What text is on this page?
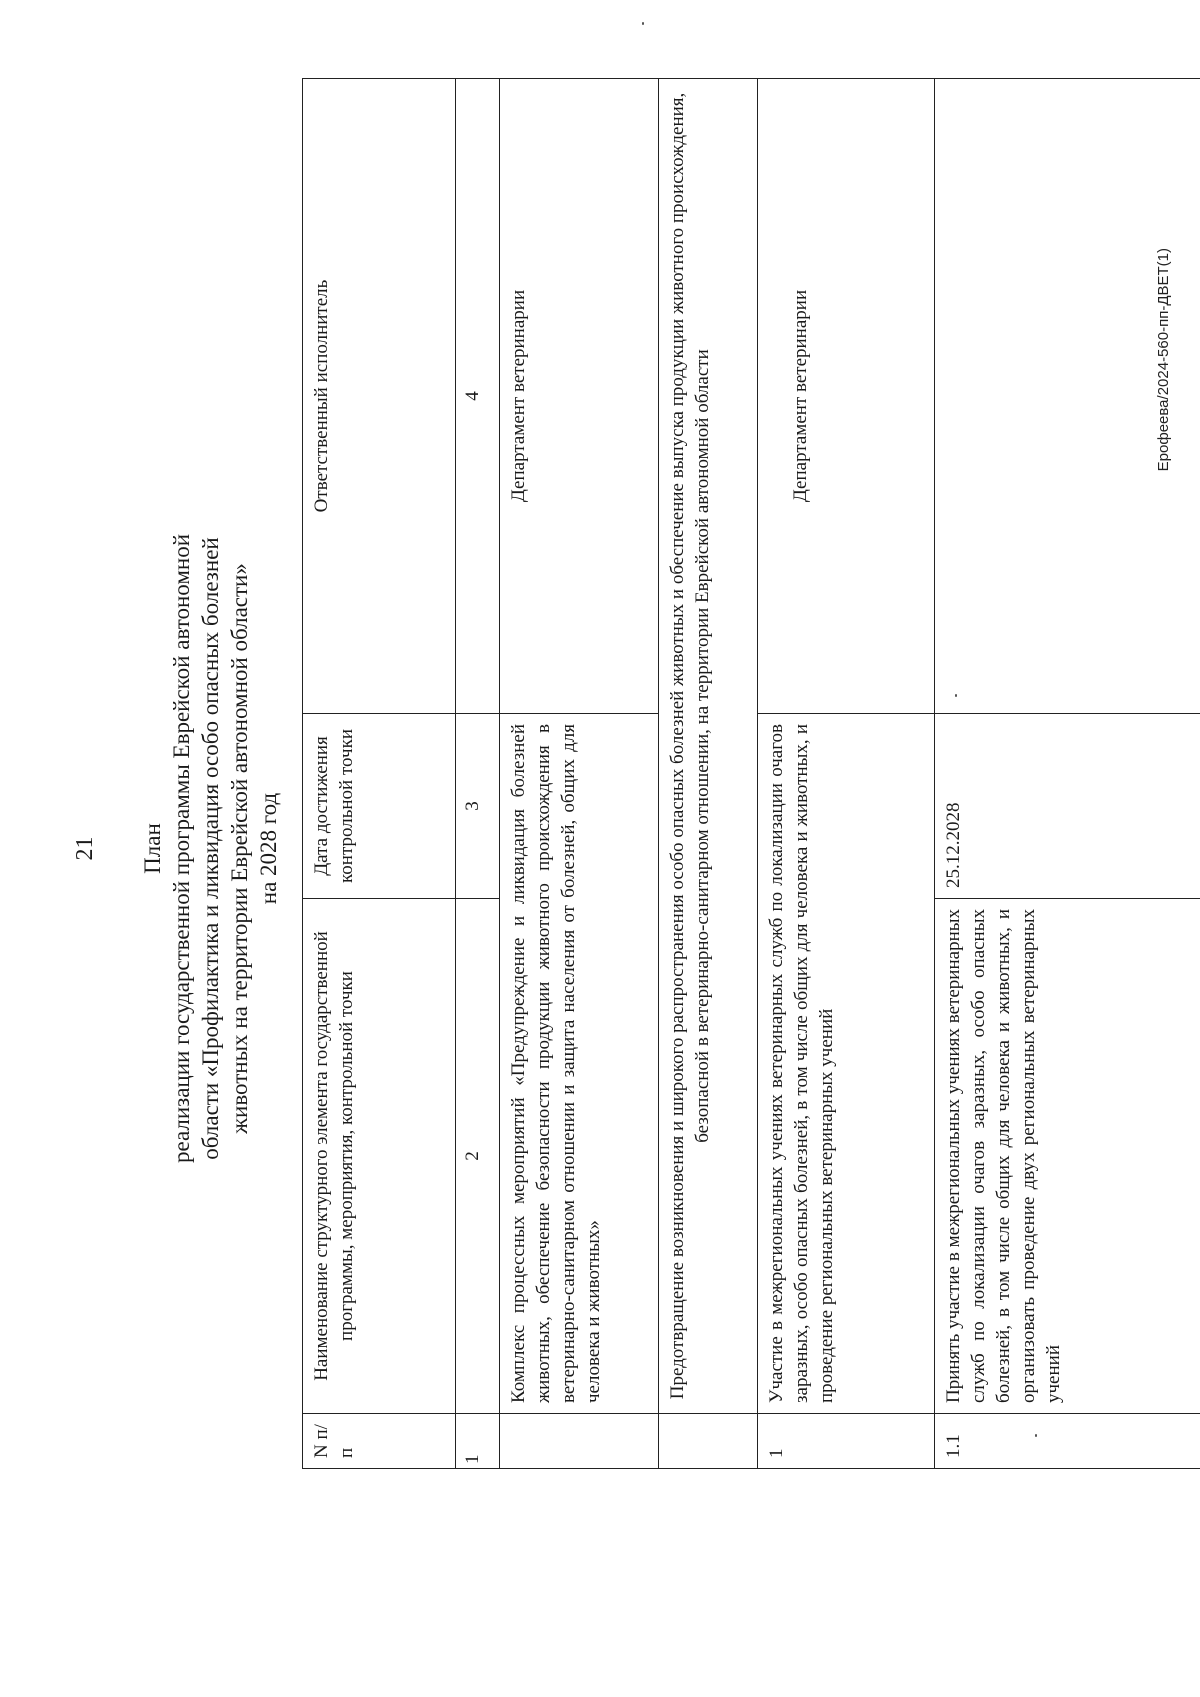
21 План реализации государственной программы Еврейской автономной области «Профилактика и ликвидация особо опасных болезней животных на территории Еврейской автономной области» на 2028 год
N п/п	Наименование структурного элемента государственной программы, мероприятия, контрольной точки	Дата достижения контрольной точки	Ответственный исполнитель
1	2	3	4
	Комплекс процессных мероприятий «Предупреждение и ликвидация болезней животных, обеспечение безопасности продукции животного происхождения в ветеринарно-санитарном отношении и защита населения от болезней, общих для человека и животных»		Департамент ветеринарии
	Предотвращение возникновения и широкого распространения особо опасных болезней животных и обеспечение выпуска продукции животного происхождения, безопасной в ветеринарно-санитарном отношении, на территории Еврейской автономной области		
1	Участие в межрегиональных учениях ветеринарных служб по локализации очагов заразных, особо опасных болезней, в том числе общих для человека и животных, и проведение региональных ветеринарных учений		Департамент ветеринарии
1.1	Принять участие в межрегиональных учениях ветеринарных служб по локализации очагов заразных, особо опасных болезней, в том числе общих для человека и животных, и организовать проведение двух региональных ветеринарных учений	25.12.2028	
Ерофеева/2024-560-пп-ДВЕТ(1)
